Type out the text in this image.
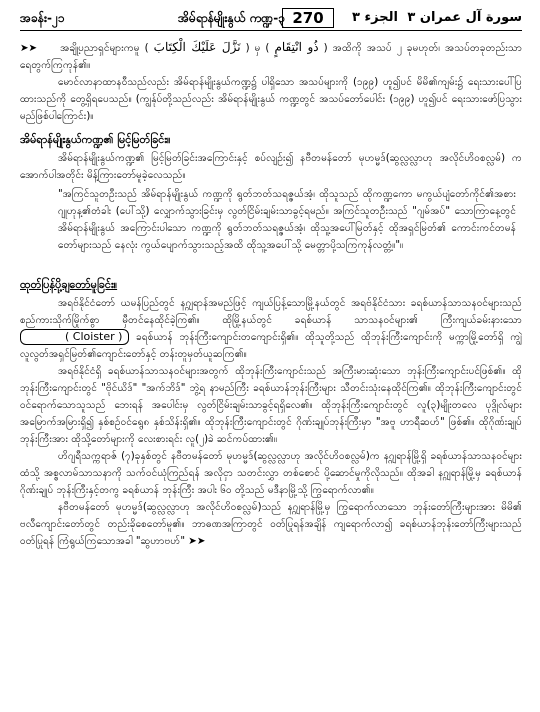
အခန်း-၂၁	အိမ်ရာန်မျိုးနွယ် ကဏ္ဍ-၃ 270	الجزء ٣ سورة آل عمران ٣

➤➤ အချို့ပညာရှင်များကမူ ( نَزَّلَ عَلَيْكَ الْكِتَابَ ) မှ ( ذُو انْتِقَامٍ ) အထိကို အသပ် ၂ ခုမဟုတ်၊ အသပ်တခုတည်းသာ ရေတွက်ကြကုန်၏။

မောင်လာနာထာနဝီသည်လည်း အိမ်ရာန်မျိုးနွယ်ကဏ္ဍ၌ ပါရှိသော အသပ်များကို (၁၉၉) ဟူ၍ပင် မိမိ၏ကျမ်း၌ ရေးသားပေါ်ပြထားသည်ကို တွေ့ရှိရပေသည်။ (ကျွန်ုပ်တို့သည်လည်း အိမ်ရာန်မျိုးနွယ် ကဏ္ဍတွင် အသပ်တော်ပေါင်း (၁၉၉) ဟူ၍ပင် ရေးသားဖော်ပြသွားမည်ဖြစ်ပါကြောင်း)။

အိမ်ရာန်မျိုးနွယ်ကဏ္ဍ၏ မြင့်မြတ်ခြင်း။

အိမ်ရာန်မျိုးနွယ်ကဏ္ဍ၏ မြင့်မြတ်ခြင်းအကြောင်းနှင့် စပ်လျဉ်း၍ နဗီတမန်တော် မုဟမ္မဒ်(ဆွလ္လလ္လာဟု အလိုင်ဟိဝစလ္လမ်) က အောက်ပါအတိုင်း မိန့်ကြားတော်မူခဲ့လေသည်။

"အကြင်သူတဦးသည် အိမ်ရာန်မျိုးနွယ် ကဏ္ဍကို ရွတ်ဘတ်သရဇ္ဇယ်အံ့၊ ထိုသူသည် ထိုကဏ္ဍကော မကွယ်ပျံတော်ကိုင်၏အစား ဂျုဟုန့၏တံခါး (ပေါ်သို့) လျှောက်သွားခြင်းမှ လွတ်ငြိမ်းချမ်းသာခွင့်ရမည်။ အကြင်သူတဦးသည် "ဂျမ်အပ်" သောကြာနေ့တွင် အိမ်ရာန်မျိုးနွယ် အကြောင်းပါသော ကဏ္ဍကို ရွတ်ဘတ်သရဇ္ဇယ်အံ့၊ ထိုသူ့အပေါ်မြတ်နှင့် ထိုအရှင်မြတ်၏ ကောင်းကင်တမန်တော်များသည် နေလုံး ကွယ်ပျောက်သွားသည့်အထိ ထိုသူ့အပေါ်သို့ မေတ္တာပို့သကြကုန်လတ္တံ့။"။

ထုတ်ပြန်ပို့ချတော်မူခြင်း။

အရဗ်နိုင်ငံတော် ယမန်ပြည်တွင် နဂ္ဂျရာန်အမည်ဖြင့် ကျယ်ပြန့်သောမြို့နယ်တွင် အရဗ်နိုင်ငံသား ခရစ်ယာန်သာသနဝင်များသည် စည်ကားသိုက်မြိုက်စွာ မှီတင်နေထိုင်ခဲ့ကြ၏။ ထိုမြို့နယ်တွင် ခရစ်ယာန် သာသနဝင်များ၏ ကြီးကျယ်ခမ်းနားသော ( Cloister ) ခရစ်ယာန် ဘုန်းကြီးကျောင်းတကျောင်းရှိ၏။ ထိုသူတို့သည် ထိုဘုန်းကြီးကျောင်းကို မက္ကာမြို့တော်ရှိ ကျွဲလူလွတ်အရှင်မြတ်၏ကျောင်းတော်နှင့် တန်းတူမှတ်ယူဆကြ၏။

အရဗ်နိုင်ငံရှိ ခရစ်ယာန်သာသနဝင်များအတွက် ထိုဘုန်းကြီးကျောင်းသည် အကြီးမားဆုံးသော ဘုန်းကြီးကျောင်းပင်ဖြစ်၏။ ထိုဘုန်းကြီးကျောင်းတွင် "ဗိုင်ယိဒ်" "အက်ဘိဒ်" ဘွဲ့ရ နာမည်ကြီး ခရစ်ယာန်ဘုန်းကြီးများ သီတင်းသုံးနေထိုင်ကြ၏။ ထိုဘုန်းကြီးကျောင်းတွင် ဝင်ရောက်သောသူသည် ဘေးရန် အပေါင်းမှ လွတ်ငြိမ်းချမ်းသာခွင့်ရရှိလေ၏။ ထိုဘုန်းကြီးကျောင်းတွင် လူ(၃)မျိုးတလေ ပုဒ္ဂိုလ်များ အမြောက်အမြားရှိ၍ နှစ်စဉ်ဝင်ရွေ၈ နှစ်သိန်းရှိ၏။ ထိုဘုန်းကြီးကျောင်းတွင် ဂိုဏ်းချုပ်ဘုန်းကြီးမှာ "အဗူ ဟာရီဆဟ်" ဖြစ်၏။ ထိုဂိုဏ်းချုပ်ဘုန်းကြီးအား ထိုသို့တော်များကို လေးစားရင်း လူ(၂)ခဲ ဆင်ကပ်ထား၏။

ဟိဂျရီသက္ကရာဇ် (၇)ခုနှစ်တွင် နဗီတမန်တော် မုဟမ္မဒ်(ဆွလ္လလ္လာဟု အလိုင်ဟိဝစလ္လမ်)က နဂ္ဂျရာန်မြို့ရှိ ခရစ်ယာန်သာသနဝင်များထံသို့ အစ္စလာမ်သာသနာကို သက်ဝင်ယုံကြည်ရန် အလိုငှာ သတင်းလွှာ တစ်စောင် ပို့ဆောင်မှုကိုလိုသည်။ ထိုအခါ နဂ္ဂျရာန်မြို့မှ ခရစ်ယာန်ဂိုဏ်းချုပ် ဘုန်းကြီးနှင့်တကွ ခရစ်ယာန် ဘုန်းကြီး အပါး ၆၀ တို့သည် မဒီနာမြို့သို့ ကြွရောက်လာ၏။

နဗီတမန်တော် မုဟမ္မဒ်(ဆွလ္လလ္လာဟု အလိုင်ဟိဝစလ္လမ်)သည် နဂ္ဂျရာန်မြို့မှ ကြွရောက်လာသော ဘုန်းတော်ကြီးများအား မိမိ၏ ဗလီကျောင်းတော်တွင် တည်းခိုစေတော်မူ၏။ ဘာဓဏအကြာတွင် ဝတ်ပြုရန်အချိန် ကျရောက်လာ၍ ခရစ်ယာန်ဘုန်းတော်ကြီးများသည် ဝတ်ပြုရန် ကြံရွယ်ကြသောအခါ "ဆွဟာဗဟ်" ➤➤
